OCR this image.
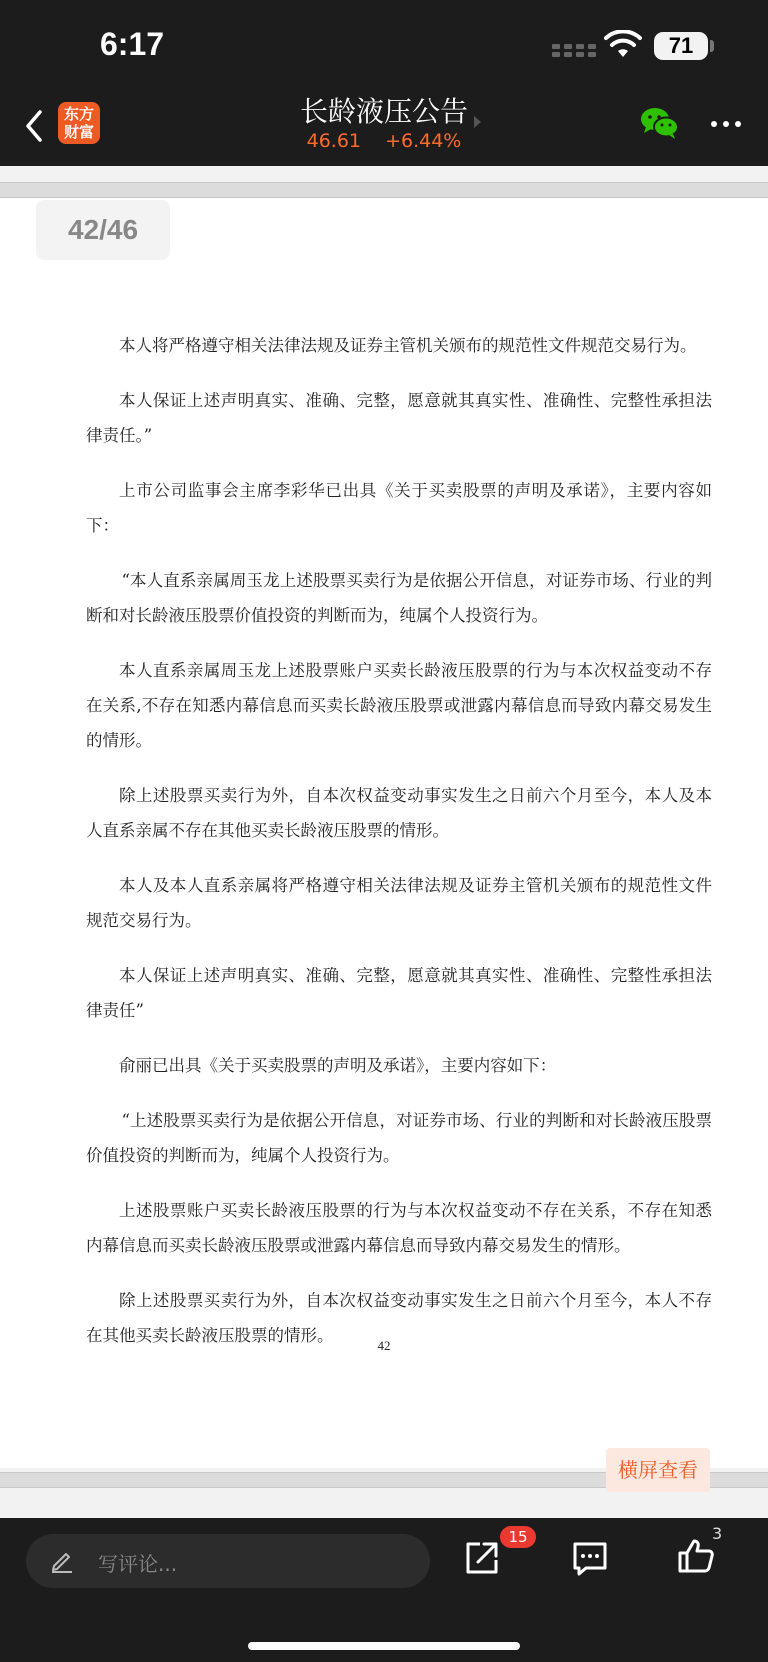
6:17	71
东方
财富
长龄液压公告
46.61 +6.44%

本人将严格遵守相关法律法规及证券主管机关颁布的规范性文件规范交易行为。

本人保证上述声明真实、准确、完整，愿意就其真实性、准确性、完整性承担法律责任。”

上市公司监事会主席李彩华已出具《关于买卖股票的声明及承诺》，主要内容如下：

“本人直系亲属周玉龙上述股票买卖行为是依据公开信息，对证券市场、行业的判断和对长龄液压股票价值投资的判断而为，纯属个人投资行为。

本人直系亲属周玉龙上述股票账户买卖长龄液压股票的行为与本次权益变动不存在关系,不存在知悉内幕信息而买卖长龄液压股票或泄露内幕信息而导致内幕交易发生的情形。

除上述股票买卖行为外，自本次权益变动事实发生之日前六个月至今，本人及本人直系亲属不存在其他买卖长龄液压股票的情形。

本人及本人直系亲属将严格遵守相关法律法规及证券主管机关颁布的规范性文件规范交易行为。

本人保证上述声明真实、准确、完整，愿意就其真实性、准确性、完整性承担法律责任”

俞丽已出具《关于买卖股票的声明及承诺》，主要内容如下：

“上述股票买卖行为是依据公开信息，对证券市场、行业的判断和对长龄液压股票价值投资的判断而为，纯属个人投资行为。

上述股票账户买卖长龄液压股票的行为与本次权益变动不存在关系，不存在知悉内幕信息而买卖长龄液压股票或泄露内幕信息而导致内幕交易发生的情形。

除上述股票买卖行为外，自本次权益变动事实发生之日前六个月至今，本人不存在其他买卖长龄液压股票的情形。

42
42/46
横屏查看
写评论...
15	3
